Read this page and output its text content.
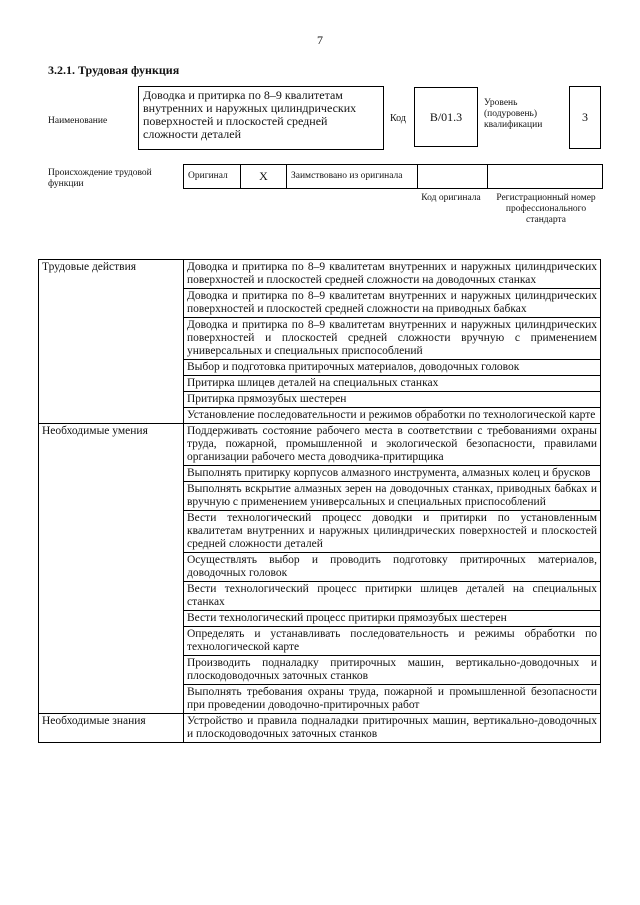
7
3.2.1. Трудовая функция
Наименование
Доводка и притирка по 8–9 квалитетам внутренних и наружных цилиндрических поверхностей и плоскостей средней сложности деталей
Код	В/01.3
Уровень (подуровень) квалификации
3
Происхождение трудовой функции
Оригинал	X	Заимствовано из оригинала		
Код оригинала	Регистрационный номер профессионального стандарта
Трудовые действия	Доводка и притирка по 8–9 квалитетам внутренних и наружных цилиндрических поверхностей и плоскостей средней сложности на доводочных станках
	Доводка и притирка по 8–9 квалитетам внутренних и наружных цилиндрических поверхностей и плоскостей средней сложности на приводных бабках
	Доводка и притирка по 8–9 квалитетам внутренних и наружных цилиндрических поверхностей и плоскостей средней сложности вручную с применением универсальных и специальных приспособлений
	Выбор и подготовка притирочных материалов, доводочных головок
	Притирка шлицев деталей на специальных станках
	Притирка прямозубых шестерен
	Установление последовательности и режимов обработки по технологической карте
Необходимые умения	Поддерживать состояние рабочего места в соответствии с требованиями охраны труда, пожарной, промышленной и экологической безопасности, правилами организации рабочего места доводчика-притирщика
	Выполнять притирку корпусов алмазного инструмента, алмазных колец и брусков
	Выполнять вскрытие алмазных зерен на доводочных станках, приводных бабках и вручную с применением универсальных и специальных приспособлений
	Вести технологический процесс доводки и притирки по установленным квалитетам внутренних и наружных цилиндрических поверхностей и плоскостей средней сложности деталей
	Осуществлять выбор и проводить подготовку притирочных материалов, доводочных головок
	Вести технологический процесс притирки шлицев деталей на специальных станках
	Вести технологический процесс притирки прямозубых шестерен
	Определять и устанавливать последовательность и режимы обработки по технологической карте
	Производить подналадку притирочных машин, вертикально-доводочных и плоскодоводочных заточных станков
	Выполнять требования охраны труда, пожарной и промышленной безопасности при проведении доводочно-притирочных работ
Необходимые знания	Устройство и правила подналадки притирочных машин, вертикально-доводочных и плоскодоводочных заточных станков
